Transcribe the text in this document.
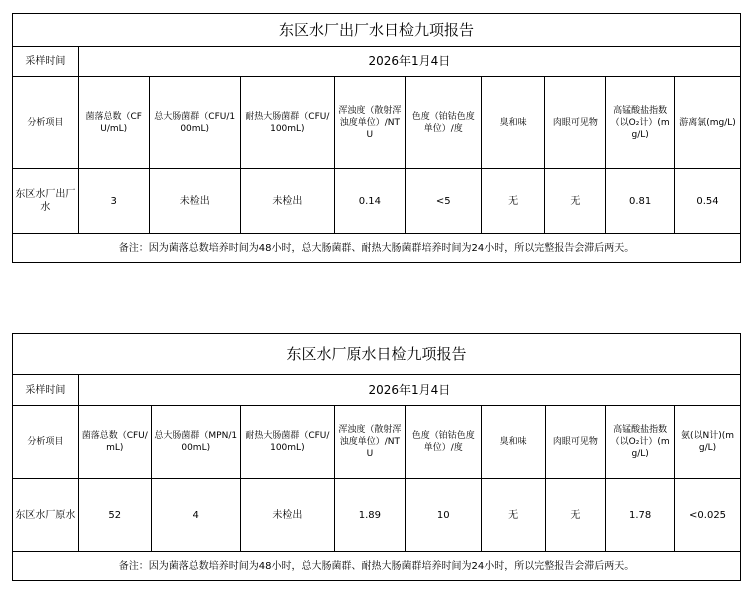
东区水厂出厂水日检九项报告									
采样时间	2026年1月4日								
分析项目	菌落总数（CFU/mL)	总大肠菌群（CFU/100mL)	耐热大肠菌群（CFU/100mL)	浑浊度（散射浑浊度单位）/NTU	色度（铂钴色度单位）/度	臭和味	肉眼可见物	高锰酸盐指数（以O₂计）(mg/L)	游离氯(mg/L)
东区水厂出厂水	3	未检出	未检出	0.14	<5	无	无	0.81	0.54
备注：因为菌落总数培养时间为48小时，总大肠菌群、耐热大肠菌群培养时间为24小时，所以完整报告会滞后两天。									
东区水厂原水日检九项报告									
采样时间	2026年1月4日								
分析项目	菌落总数（CFU/mL)	总大肠菌群（MPN/100mL)	耐热大肠菌群（CFU/100mL)	浑浊度（散射浑浊度单位）/NTU	色度（铂钴色度单位）/度	臭和味	肉眼可见物	高锰酸盐指数（以O₂计）(mg/L)	氨(以N计)(mg/L)
东区水厂原水	52	4	未检出	1.89	10	无	无	1.78	<0.025
备注：因为菌落总数培养时间为48小时，总大肠菌群、耐热大肠菌群培养时间为24小时，所以完整报告会滞后两天。									
